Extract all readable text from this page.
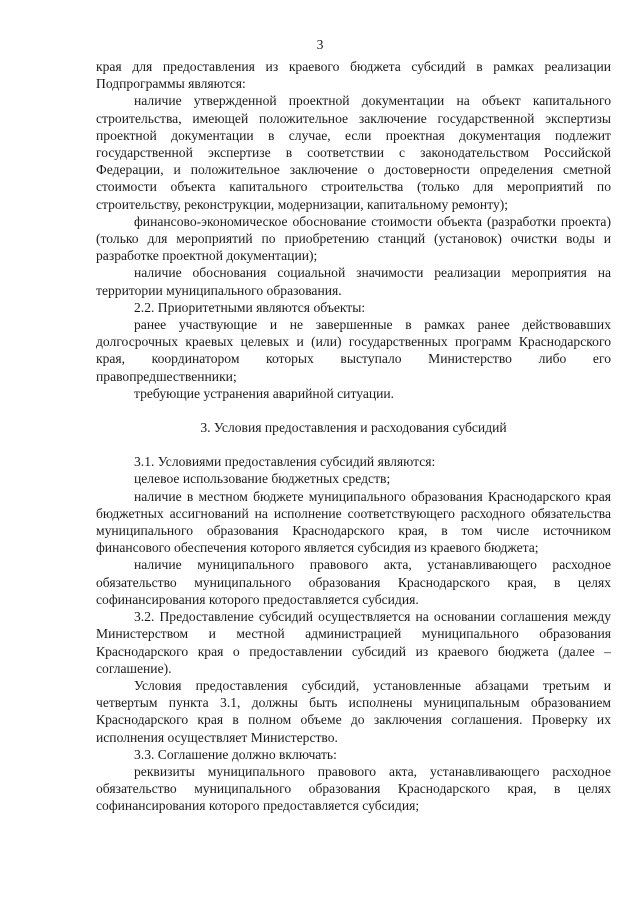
3

края для предоставления из краевого бюджета субсидий в рамках реализации Подпрограммы являются:

наличие утвержденной проектной документации на объект капитального строительства, имеющей положительное заключение государственной экспертизы проектной документации в случае, если проектная документация подлежит государственной экспертизе в соответствии с законодательством Российской Федерации, и положительное заключение о достоверности определения сметной стоимости объекта капитального строительства (только для мероприятий по строительству, реконструкции, модернизации, капитальному ремонту);

финансово-экономическое обоснование стоимости объекта (разработки проекта) (только для мероприятий по приобретению станций (установок) очистки воды и разработке проектной документации);

наличие обоснования социальной значимости реализации мероприятия на территории муниципального образования.

2.2. Приоритетными являются объекты:

ранее участвующие и не завершенные в рамках ранее действовавших долгосрочных краевых целевых и (или) государственных программ Краснодарского края, координатором которых выступало Министерство либо его правопредшественники;

требующие устранения аварийной ситуации.

3. Условия предоставления и расходования субсидий

3.1. Условиями предоставления субсидий являются:

целевое использование бюджетных средств;

наличие в местном бюджете муниципального образования Краснодарского края бюджетных ассигнований на исполнение соответствующего расходного обязательства муниципального образования Краснодарского края, в том числе источником финансового обеспечения которого является субсидия из краевого бюджета;

наличие муниципального правового акта, устанавливающего расходное обязательство муниципального образования Краснодарского края, в целях софинансирования которого предоставляется субсидия.

3.2. Предоставление субсидий осуществляется на основании соглашения между Министерством и местной администрацией муниципального образования Краснодарского края о предоставлении субсидий из краевого бюджета (далее – соглашение).

Условия предоставления субсидий, установленные абзацами третьим и четвертым пункта 3.1, должны быть исполнены муниципальным образованием Краснодарского края в полном объеме до заключения соглашения. Проверку их исполнения осуществляет Министерство.

3.3. Соглашение должно включать:

реквизиты муниципального правового акта, устанавливающего расходное обязательство муниципального образования Краснодарского края, в целях софинансирования которого предоставляется субсидия;
